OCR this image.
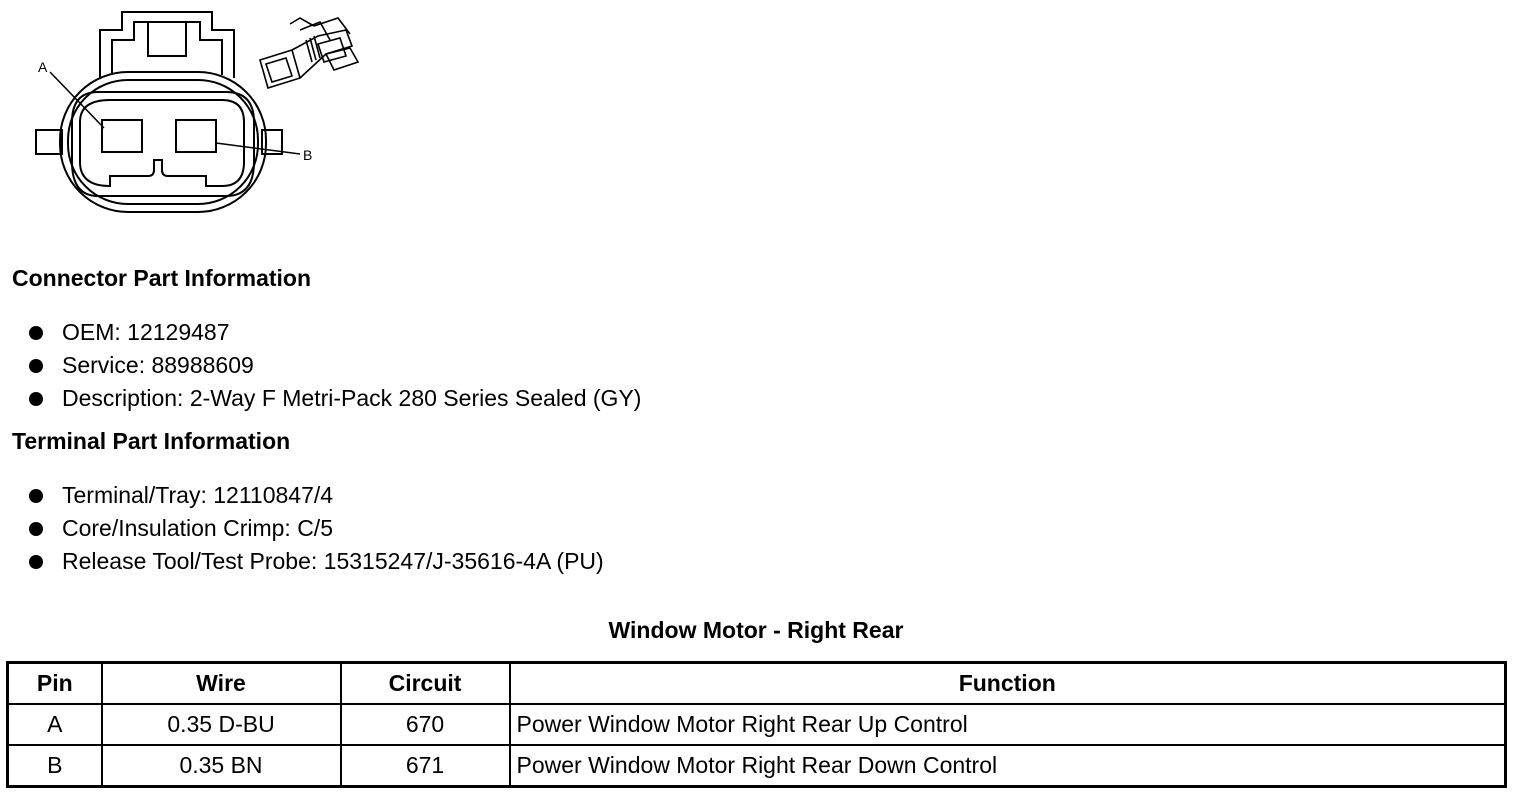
A
B
Connector Part Information
OEM: 12129487
Service: 88988609
Description: 2-Way F Metri-Pack 280 Series Sealed (GY)
Terminal Part Information
Terminal/Tray: 12110847/4
Core/Insulation Crimp: C/5
Release Tool/Test Probe: 15315247/J-35616-4A (PU)
Window Motor - Right Rear
Pin	Wire	Circuit	Function
A	0.35 D-BU	670	Power Window Motor Right Rear Up Control
B	0.35 BN	671	Power Window Motor Right Rear Down Control
